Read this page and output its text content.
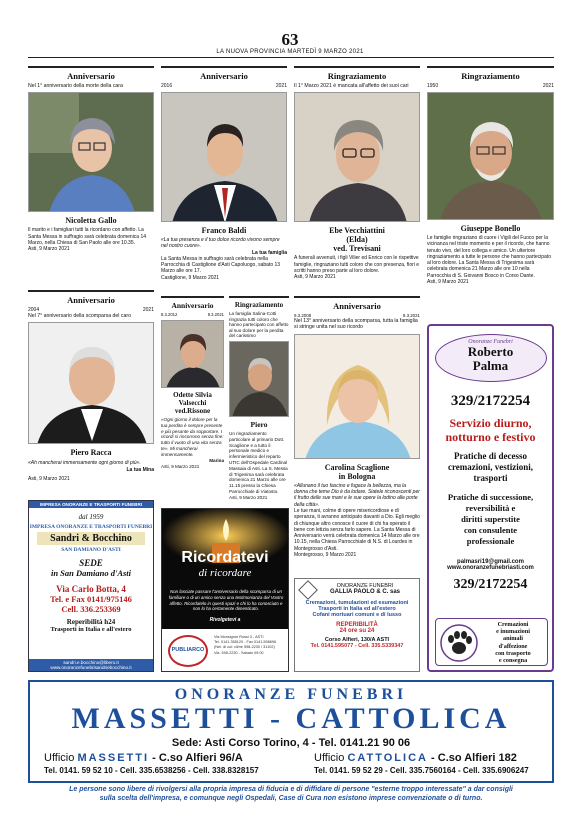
63
LA NUOVA PROVINCIA MARTEDÌ 9 MARZO 2021
Anniversario
Nel 1° anniversario della morte della cara
Nicoletta Gallo
Il marito e i famigliari tutti la ricordano con affetto. La Santa Messa in suffragio sarà celebrata domenica 14 Marzo, nella Chiesa di San Paolo alle ore 10.35.
Asti, 9 Marzo 2021
Anniversario
2016	2021
Franco Baldi
«La tua presenza e il tuo dolce ricordo vivono sempre nel nostro cuore».
La tua famiglia
La Santa Messa in suffragio sarà celebrata nella Parrocchia di Castiglione d'Asti Capoluogo, sabato 13 Marzo alle ore 17.
Castiglione, 9 Marzo 2021
Ringraziamento
Il 1° Marzo 2021 è mancata all'affetto dei suoi cari
Ebe Vecchiattini
(Elda)
ved. Trevisani
A funerali avvenuti, i figli Vilier ed Enrico con le rispettive famiglie, ringraziano tutti coloro che con presenza, fiori e scritti hanno preso parte al loro dolore.
Asti, 9 Marzo 2021
Ringraziamento
1950	2021
Giuseppe Bonello
Le famiglie ringraziano di cuore i Vigili del Fuoco per la vicinanza nel triste momento e per il ricordo, che hanno tenuto vivo, del loro collega e amico. Un ulteriore ringraziamento a tutte le persone che hanno partecipato al loro dolore. La Santa Messa di Trigesima sarà celebrata domenica 21 Marzo alle ore 10 nella Parrocchia di S. Giovanni Bosco in Corso Dante.
Asti, 9 Marzo 2021
Anniversario
2004	2021
Nel 7° anniversario della scomparsa del caro
Piero Racca
«Ah mancherai immensamente ogni giorno di più».
La tua Mina
Asti, 9 Marzo 2021
Anniversario
8.3.2012	8.3.2021
Odette Silvia
Valsecchi
ved.Rissone
«Ogni giorno il dolore per la tua perdita è sempre presente e più pesante da sopportare. I ricordi si rincorrono senza fine: tutto il vuoto di una vita senza te». Mi mancherai immensamente.
Marina
Asti, 9 Marzo 2021
Ringraziamento
La famiglia Salina-Cotti ringrazia tutti coloro che hanno partecipato con affetto al suo dolore per la perdita del carissimo
Piero
Un ringraziamento particolare al primario Dott. Scaglione e a tutto il personale medico e infermieristico del reparto UTIC dell'Ospedale Cardinal Massaia di Asti. La S. Messa di Trigesima sarà celebrata domenica 21 Marzo alle ore 11.15 presso la Chiesa Parrocchiale di Viatosto.
Asti, 9 Marzo 2021
Anniversario
9.3.2008	9.3.2021
Nel 13° anniversario della scomparsa, tutta la famiglia si stringe unita nel suo ricordo
Carolina Scaglione
in Bologna
«Allunano il tuo fascino e fugace la bellezza, ma la donna che teme Dio è da lodare. Siatele riconoscenti per il frutto delle sue mani e le sue opere la lodino alle porte della città».
Le tue mani, colme di opere misericordiose e di speranza, ti avranno anticipato davanti a Dio. Egli meglio di chiunque altro conosce il cuore di chi ha operato il bene con letizia senza farlo sapere. La Santa Messa di Anniversario verrà celebrata domenica 14 Marzo alle ore 10.15, nella Chiesa Parrocchiale di N.S. di Lourdes in Montegrosso d'Asti.
Montegrosso, 9 Marzo 2021
IMPRESA ONORANZE E TRASPORTI FUNEBRI
dal 1959
IMPRESA ONORANZE E TRASPORTI FUNEBRI
Sandri & Bocchino
SAN DAMIANO D'ASTI
SEDE
in San Damiano d'Asti
Via Carlo Botta, 4
Tel. e Fax 0141/975146
Cell. 336.253369
Reperibilità h24
Trasporti in Italia e all'estero
sandri.e.bocchino@libero.it
www.onoranzefunebrisandriebocchino.it
Ricordatevi
di ricordare
Non lasciate passare l'anniversario della scomparsa di un familiare o di un amico senza una testimonianza del Vostro affetto. Ricordatelo in questi spazi e chi lo ha conosciuto e non lo ha certamente dimenticato.
Rivolgetevi a
PUBLIARCO
Via Monsignor Rossi 3 - ASTI
Tel. 0141.355120 - Fax 0141.598696
(Nel. di cui: vil/ne 598-2230 / 31102)
Via. 598-2230 - Sabato 09:00
ONORANZE FUNEBRI
GALLIA PAOLO & C. sas
Cremazioni, tumulazioni ed esumazioni
Trasporti in Italia ed all'estero
Cofani mortuari comuni e di lusso
REPERIBILITÀ
24 ore su 24
Corso Alfieri, 130/A ASTI
Tel. 0141.595077 - Cell. 335.5339347
Onoranze Funebri
Roberto
Palma
329/2172254
Servizio diurno,
notturno e festivo
Pratiche di decesso
cremazioni, vestizioni,
trasporti
Pratiche di successione,
reversibilità e
diritti superstite
con consulente
professionale
palmasri19@gmail.com
www.onoranzefunebriasti.com
329/2172254
Cremazioni
e inumazioni
animali
d'affezione
con trasporto
e consegna
ONORANZE FUNEBRI
MASSETTI - CATTOLICA
Sede: Asti Corso Torino, 4 - Tel. 0141.21 90 06
Ufficio MASSETTI - C.so Alfieri 96/A	Ufficio CATTOLICA - C.so Alfieri 182
Tel. 0141. 59 52 10 - Cell. 335.6538256 - Cell. 338.8328157	Tel. 0141. 59 52 29 - Cell. 335.7560164 - Cell. 335.6906247
Le persone sono libere di rivolgersi alla propria impresa di fiducia e di diffidare di persone "esterne troppo interessate" a dar consigli
sulla scelta dell'impresa, e comunque negli Ospedali, Case di Cura non esistono imprese convenzionate o di turno.
